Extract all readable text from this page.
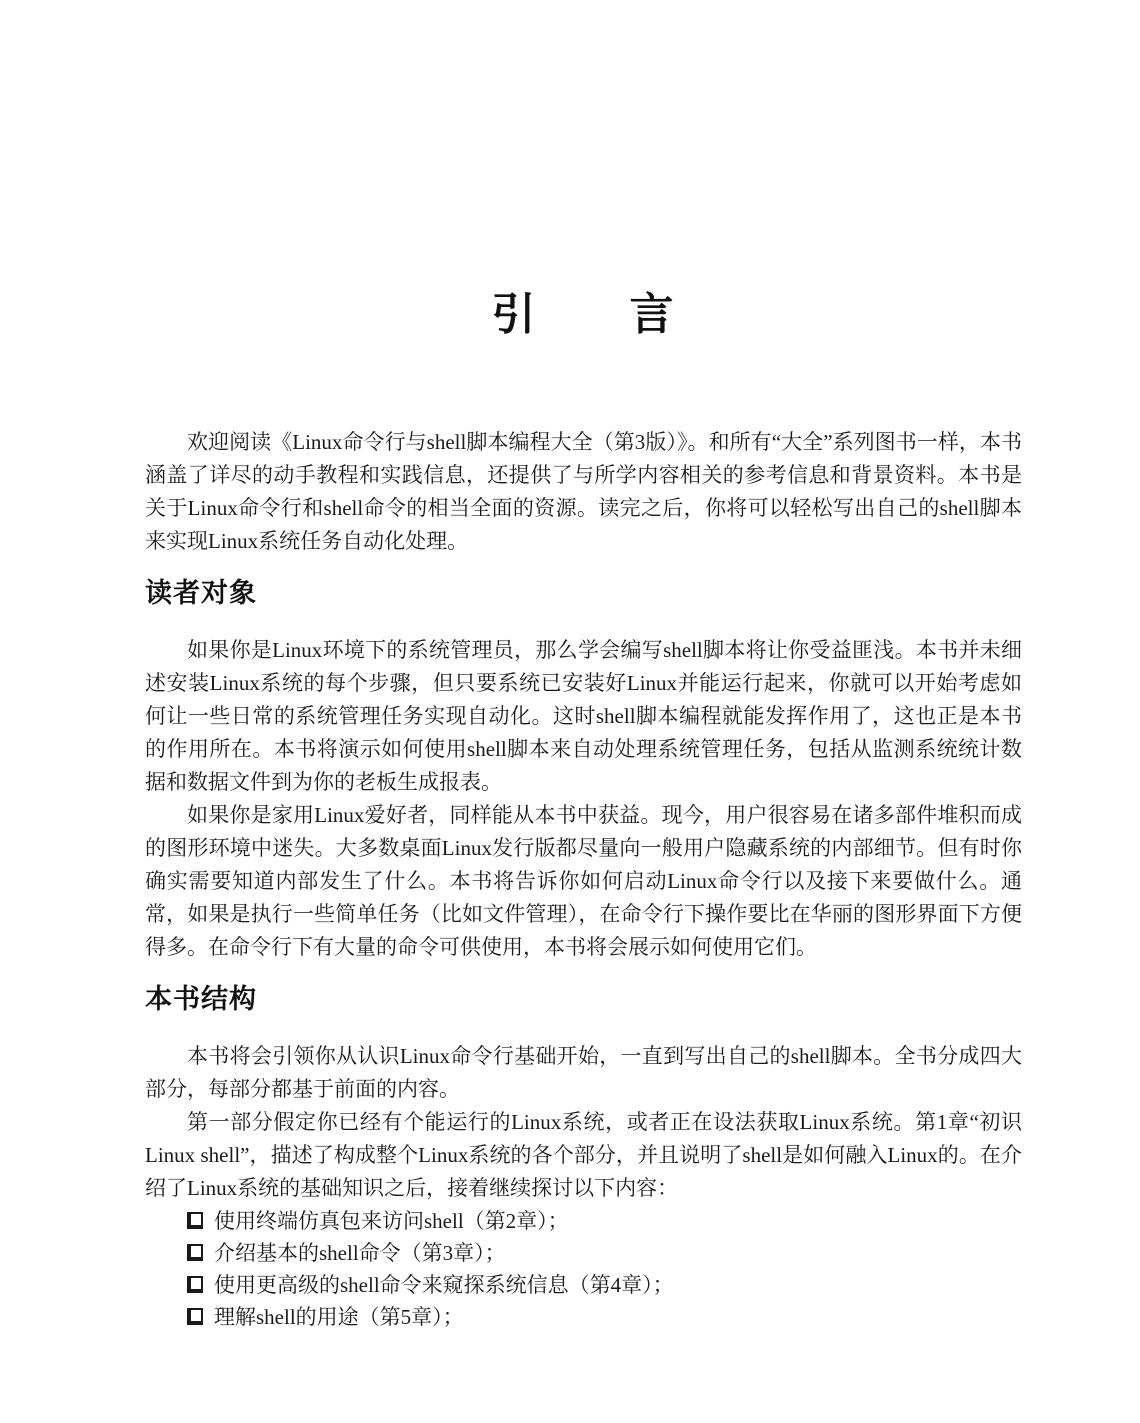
引　　言

欢迎阅读《Linux命令行与shell脚本编程大全（第3版）》。和所有“大全”系列图书一样，本书涵盖了详尽的动手教程和实践信息，还提供了与所学内容相关的参考信息和背景资料。本书是关于Linux命令行和shell命令的相当全面的资源。读完之后，你将可以轻松写出自己的shell脚本来实现Linux系统任务自动化处理。

读者对象

如果你是Linux环境下的系统管理员，那么学会编写shell脚本将让你受益匪浅。本书并未细述安装Linux系统的每个步骤，但只要系统已安装好Linux并能运行起来，你就可以开始考虑如何让一些日常的系统管理任务实现自动化。这时shell脚本编程就能发挥作用了，这也正是本书的作用所在。本书将演示如何使用shell脚本来自动处理系统管理任务，包括从监测系统统计数据和数据文件到为你的老板生成报表。

如果你是家用Linux爱好者，同样能从本书中获益。现今，用户很容易在诸多部件堆积而成的图形环境中迷失。大多数桌面Linux发行版都尽量向一般用户隐藏系统的内部细节。但有时你确实需要知道内部发生了什么。本书将告诉你如何启动Linux命令行以及接下来要做什么。通常，如果是执行一些简单任务（比如文件管理），在命令行下操作要比在华丽的图形界面下方便得多。在命令行下有大量的命令可供使用，本书将会展示如何使用它们。

本书结构

本书将会引领你从认识Linux命令行基础开始，一直到写出自己的shell脚本。全书分成四大部分，每部分都基于前面的内容。

第一部分假定你已经有个能运行的Linux系统，或者正在设法获取Linux系统。第1章“初识Linux shell”，描述了构成整个Linux系统的各个部分，并且说明了shell是如何融入Linux的。在介绍了Linux系统的基础知识之后，接着继续探讨以下内容：

使用终端仿真包来访问shell（第2章）；
介绍基本的shell命令（第3章）；
使用更高级的shell命令来窥探系统信息（第4章）；
理解shell的用途（第5章）；
